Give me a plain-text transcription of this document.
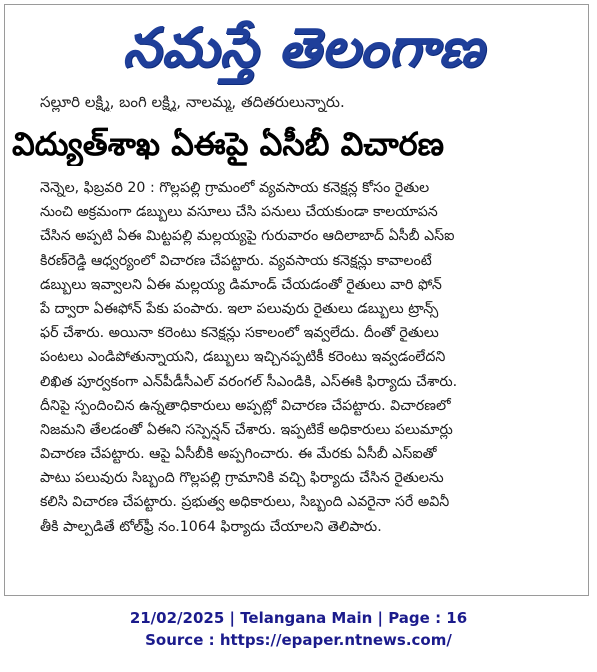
నమస్తే తెలంగాణ
సల్లూరి లక్ష్మి, బంగి లక్ష్మి, నాలమ్మ, తదితరులున్నారు.
విద్యుత్‌శాఖ ఏఈపై ఏసీబీ విచారణ
నెన్నెల, ఫిబ్రవరి 20 : గొల్లపల్లి గ్రామంలో వ్యవసాయ కనెక్షన్ల కోసం రైతుల
నుంచి అక్రమంగా డబ్బులు వసూలు చేసి పనులు చేయకుండా కాలయాపన
చేసిన అప్పటి ఏఈ మిట్టపల్లి మల్లయ్యపై గురువారం ఆదిలాబాద్ ఏసీబీ ఎస్ఐ
కిరణ్‌రెడ్డి ఆధ్వర్యంలో విచారణ చేపట్టారు. వ్యవసాయ కనెక్షన్లు కావాలంటే
డబ్బులు ఇవ్వాలని ఏఈ మల్లయ్య డిమాండ్ చేయడంతో రైతులు వారి ఫోన్
పే ద్వారా ఏఈఫోన్ పేకు పంపారు. ఇలా పలువురు రైతులు డబ్బులు ట్రాన్స్
ఫర్ చేశారు. అయినా కరెంటు కనెక్షన్లు సకాలంలో ఇవ్వలేదు. దీంతో రైతులు
పంటలు ఎండిపోతున్నాయని, డబ్బులు ఇచ్చినప్పటికీ కరెంటు ఇవ్వడంలేదని
లిఖిత పూర్వకంగా ఎన్‌పీడీసీఎల్ వరంగల్ సీఎండికి, ఎస్ఈకి ఫిర్యాదు చేశారు.
దీనిపై స్పందించిన ఉన్నతాధికారులు అప్పట్లో విచారణ చేపట్టారు. విచారణలో
నిజమని తేలడంతో ఏఈని సస్పెన్షన్ చేశారు. ఇప్పటికే అధికారులు పలుమార్లు
విచారణ చేపట్టారు. ఆపై ఏసీబీకి అప్పగించారు. ఈ మేరకు ఏసీబీ ఎస్ఐతో
పాటు పలువురు సిబ్బంది గొల్లపల్లి గ్రామానికి వచ్చి ఫిర్యాదు చేసిన రైతులను
కలిసి విచారణ చేపట్టారు. ప్రభుత్వ అధికారులు, సిబ్బంది ఎవరైనా సరే అవినీ
తీకి పాల్పడితే టోల్‌ఫ్రీ నం.1064 ఫిర్యాదు చేయాలని తెలిపారు.
21/02/2025 | Telangana Main | Page : 16
Source : https://epaper.ntnews.com/
